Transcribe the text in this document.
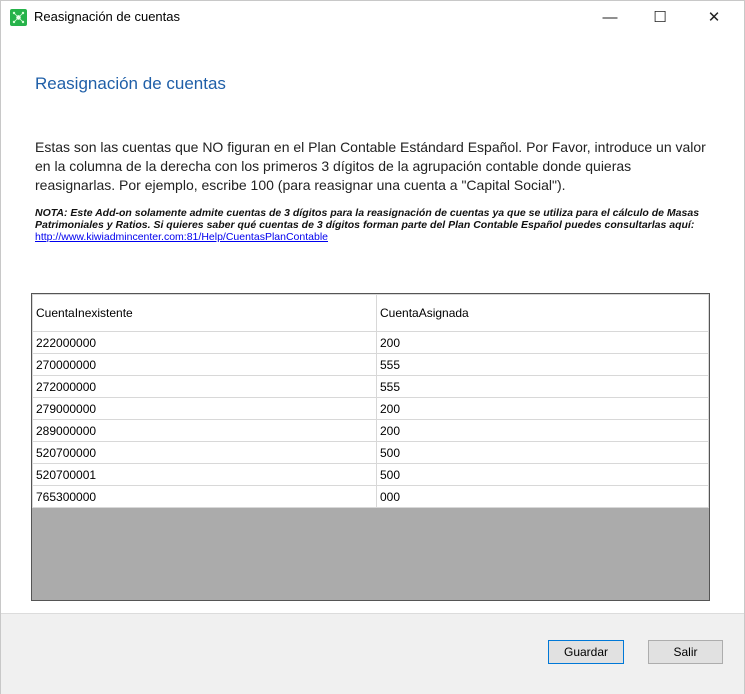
Reasignación de cuentas	— ☐	✕
Reasignación de cuentas
Estas son las cuentas que NO figuran en el Plan Contable Estándard Español. Por Favor, introduce un valor en la columna de la derecha con los primeros 3 dígitos de la agrupación contable donde quieras reasignarlas. Por ejemplo, escribe 100 (para reasignar una cuenta a "Capital Social").
NOTA: Este Add-on solamente admite cuentas de 3 dígitos para la reasignación de cuentas ya que se utiliza para el cálculo de Masas Patrimoniales y Ratios. Si quieres saber qué cuentas de 3 dígitos forman parte del Plan Contable Español puedes consultarlas aquí: http://www.kiwiadmincenter.com:81/Help/CuentasPlanContable
CuentaInexistente	CuentaAsignada
222000000	200
270000000	555
272000000	555
279000000	200
289000000	200
520700000	500
520700001	500
765300000	000
Guardar	Salir
